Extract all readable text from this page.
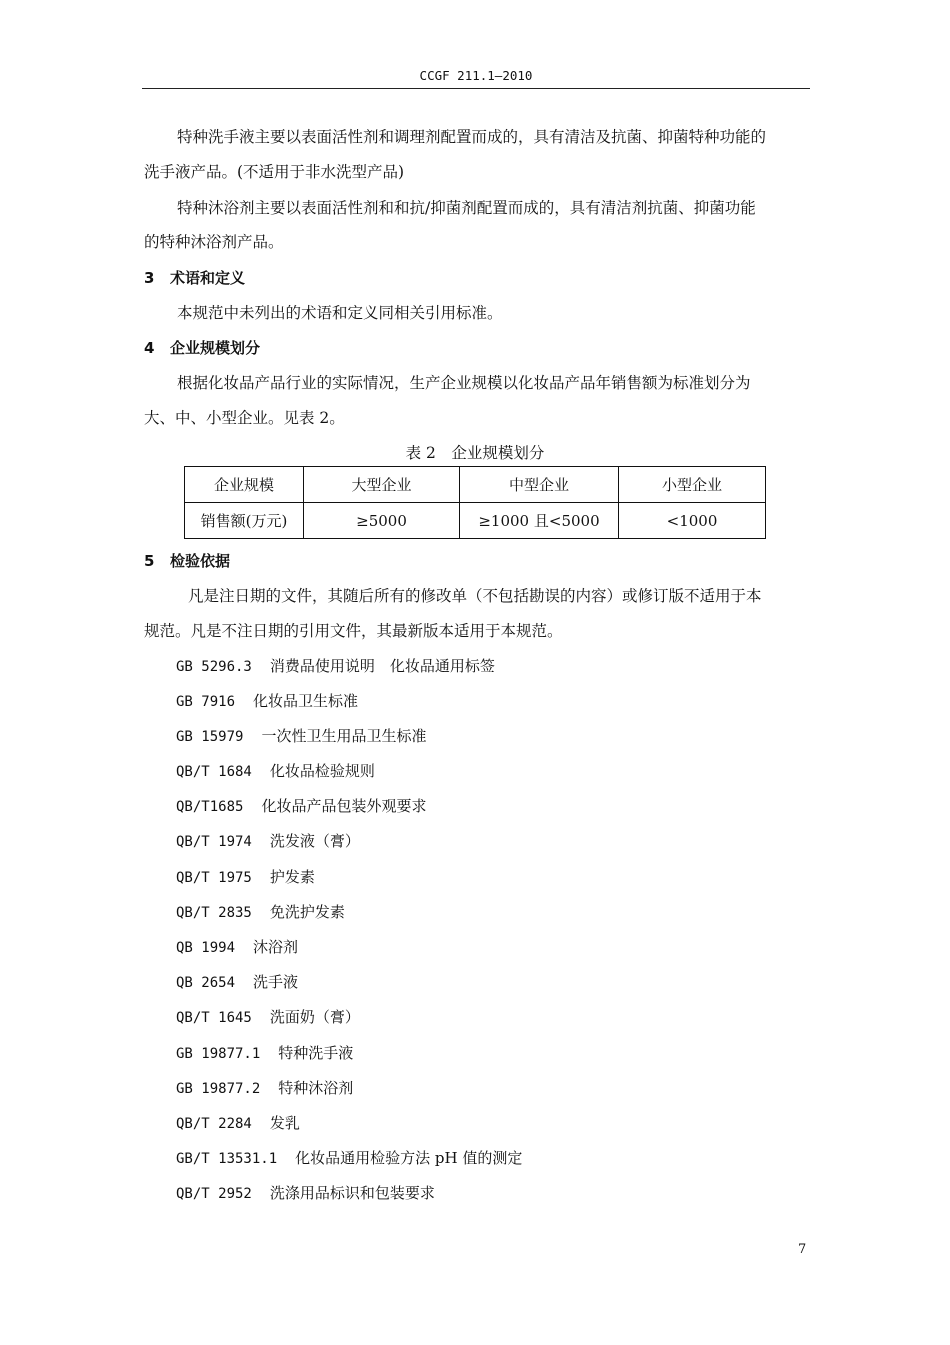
CCGF 211.1—2010
特种洗手液主要以表面活性剂和调理剂配置而成的，具有清洁及抗菌、抑菌特种功能的
洗手液产品。(不适用于非水洗型产品)
特种沐浴剂主要以表面活性剂和和抗/抑菌剂配置而成的，具有清洁剂抗菌、抑菌功能
的特种沐浴剂产品。
3 术语和定义
本规范中未列出的术语和定义同相关引用标准。
4 企业规模划分
根据化妆品产品行业的实际情况，生产企业规模以化妆品产品年销售额为标准划分为
大、中、小型企业。见表 2。
表 2　企业规模划分
企业规模	大型企业	中型企业	小型企业
销售额(万元)	≥5000	≥1000 且<5000	<1000
5 检验依据
凡是注日期的文件，其随后所有的修改单（不包括勘误的内容）或修订版不适用于本
规范。凡是不注日期的引用文件，其最新版本适用于本规范。
GB 5296.3 消费品使用说明　化妆品通用标签
GB 7916 化妆品卫生标准
GB 15979 一次性卫生用品卫生标准
QB/T 1684 化妆品检验规则
QB/T1685 化妆品产品包装外观要求
QB/T 1974 洗发液（膏）
QB/T 1975 护发素
QB/T 2835 免洗护发素
QB 1994 沐浴剂
QB 2654 洗手液
QB/T 1645 洗面奶（膏）
GB 19877.1 特种洗手液
GB 19877.2 特种沐浴剂
QB/T 2284 发乳
GB/T 13531.1 化妆品通用检验方法 pH 值的测定
QB/T 2952 洗涤用品标识和包装要求
7
